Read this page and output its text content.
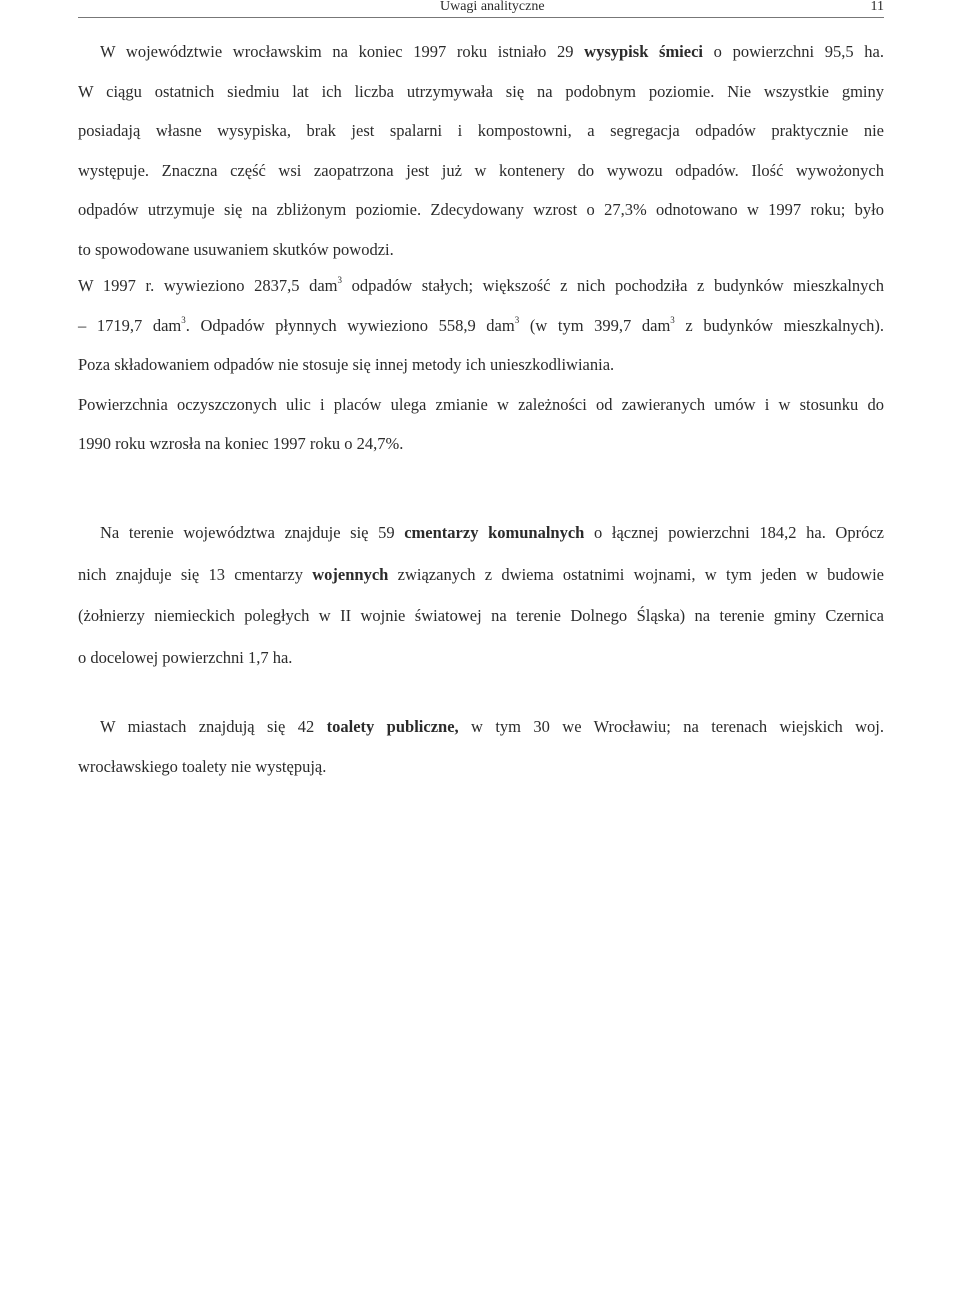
Uwagi analityczne	11
W województwie wrocławskim na koniec 1997 roku istniało 29 wysypisk śmieci o powierzchni 95,5 ha.
W ciągu ostatnich siedmiu lat ich liczba utrzymywała się na podobnym poziomie. Nie wszystkie gminy
posiadają własne wysypiska, brak jest spalarni i kompostowni, a segregacja odpadów praktycznie nie
występuje. Znaczna część wsi zaopatrzona jest już w kontenery do wywozu odpadów. Ilość wywożonych
odpadów utrzymuje się na zbliżonym poziomie. Zdecydowany wzrost o 27,3% odnotowano w 1997 roku; było
to spowodowane usuwaniem skutków powodzi.
W 1997 r. wywieziono 2837,5 dam$^3$ odpadów stałych; większość z nich pochodziła z budynków mieszkalnych
– 1719,7 dam$^3$. Odpadów płynnych wywieziono 558,9 dam$^3$ (w tym 399,7 dam$^3$ z budynków mieszkalnych).
Poza składowaniem odpadów nie stosuje się innej metody ich unieszkodliwiania.
Powierzchnia oczyszczonych ulic i placów ulega zmianie w zależności od zawieranych umów i w stosunku do
1990 roku wzrosła na koniec 1997 roku o 24,7%.
Na terenie województwa znajduje się 59 cmentarzy komunalnych o łącznej powierzchni 184,2 ha. Oprócz
nich znajduje się 13 cmentarzy wojennych związanych z dwiema ostatnimi wojnami, w tym jeden w budowie
(żołnierzy niemieckich poległych w II wojnie światowej na terenie Dolnego Śląska) na terenie gminy Czernica
o docelowej powierzchni 1,7 ha.
W miastach znajdują się 42 toalety publiczne, w tym 30 we Wrocławiu; na terenach wiejskich woj.
wrocławskiego toalety nie występują.
